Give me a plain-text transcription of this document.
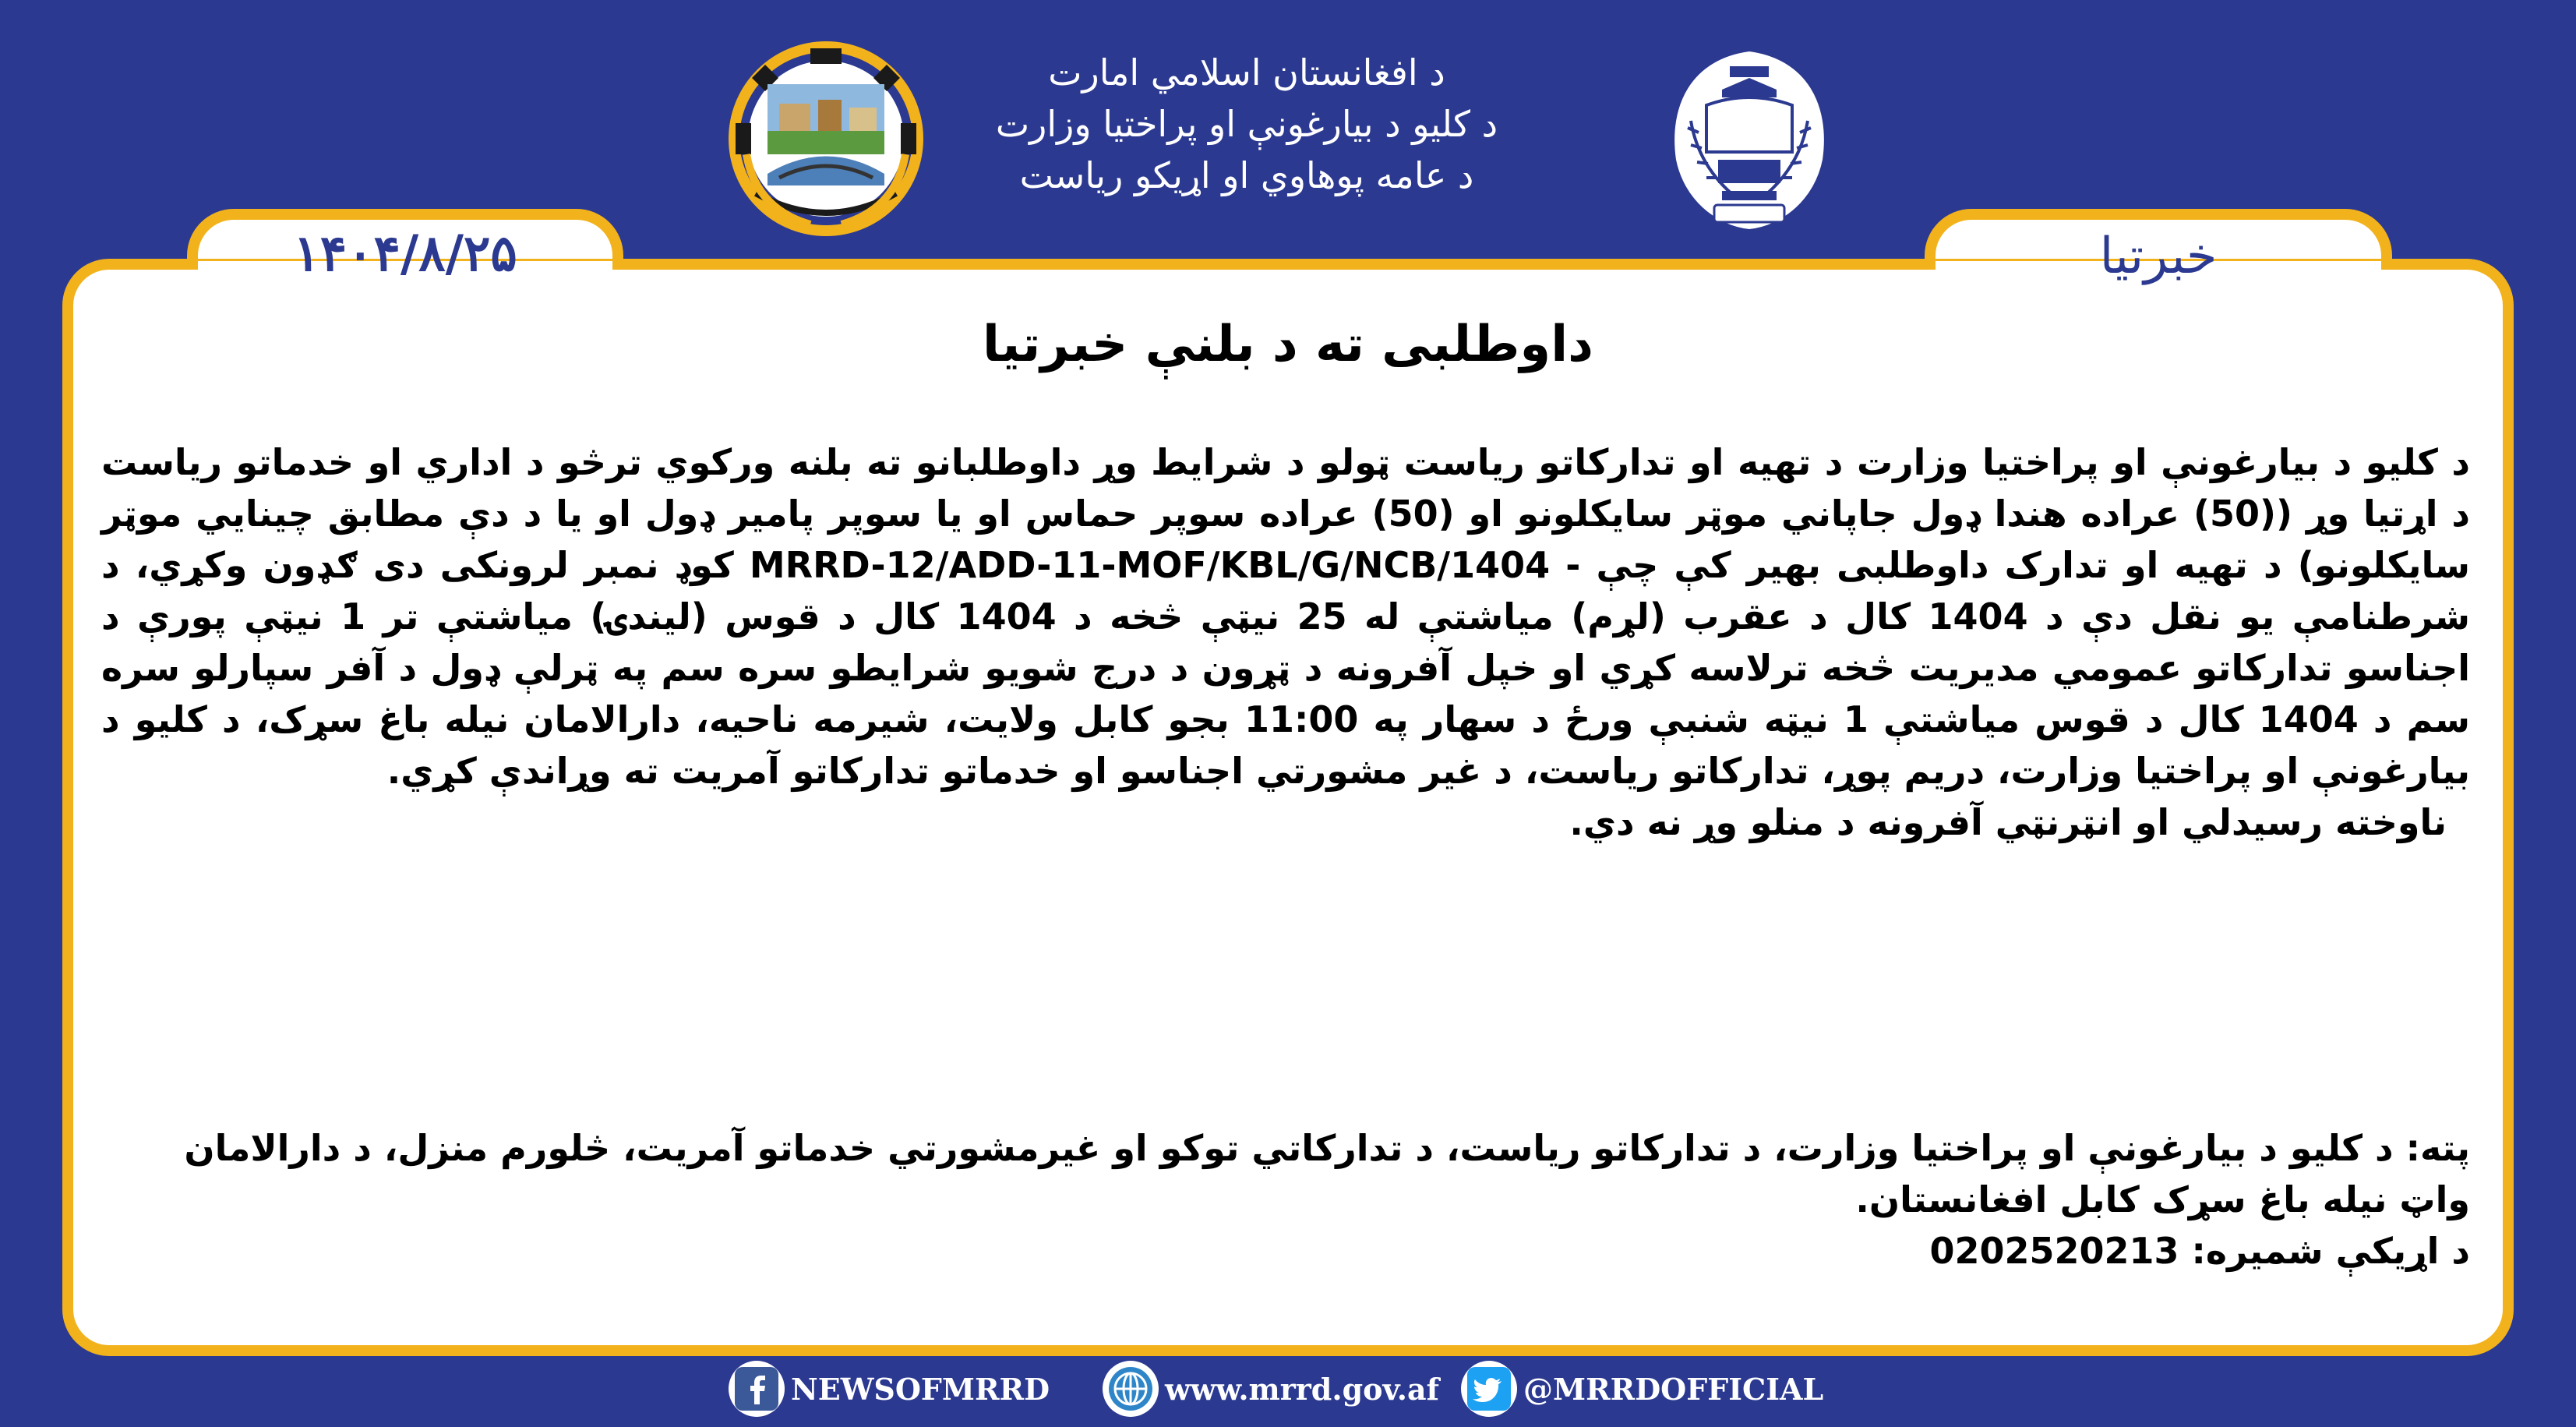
د افغانستان اسلامي امارت
د کليو د بيارغونې او پراختيا وزارت
د عامه پوهاوي او اړيکو رياست
۱۴۰۴/۸/۲۵	خبرتيا
داوطلبی ته د بلنې خبرتيا

د کليو د بيارغونې او پراختيا وزارت د تهيه او تدارکاتو رياست ټولو د شرايط وړ داوطلبانو ته بلنه ورکوي ترڅو د اداري او خدماتو رياست د اړتيا وړ ((50) عراده هندا ډول جاپاني موټر سايکلونو او (50) عراده سوپر حماس او يا سوپر پامير ډول او يا د دې مطابق چينايي موټر سايکلونو) د تهيه او تدارک داوطلبی بهير کې چې - MRRD-12/ADD-11-MOF/KBL/G/NCB/1404 کوډ نمبر لرونکی دی ګډون وکړي، د شرطنامې يو نقل دې د 1404 کال د عقرب (لړم) مياشتې له 25 نيټې څخه د 1404 کال د قوس (ليندۍ) مياشتې تر 1 نيټې پورې د اجناسو تدارکاتو عمومي مديريت څخه ترلاسه کړي او خپل آفرونه د ټړون د درج شويو شرايطو سره سم په ټرلې ډول د آفر سپارلو سره سم د 1404 کال د قوس مياشتې 1 نيټه شنبې ورځ د سهار په 11:00 بجو کابل ولايت، شيرمه ناحيه، دارالامان نيله باغ سړک، د کليو د بيارغونې او پراختيا وزارت، دريم پوړ، تدارکاتو رياست، د غير مشورتي اجناسو او خدماتو تدارکاتو آمريت ته وړاندې کړي.

ناوخته رسيدلي او انټرنټي آفرونه د منلو وړ نه دي.

پته: د کليو د بيارغونې او پراختيا وزارت، د تدارکاتو رياست، د تدارکاتي توکو او غيرمشورتي خدماتو آمريت، څلورم منزل، د دارالامان واټ نيله باغ سړک کابل افغانستان.

د اړيکې شميره: 0202520213

NEWSOFMRRD	www.mrrd.gov.af	@MRRDOFFICIAL
